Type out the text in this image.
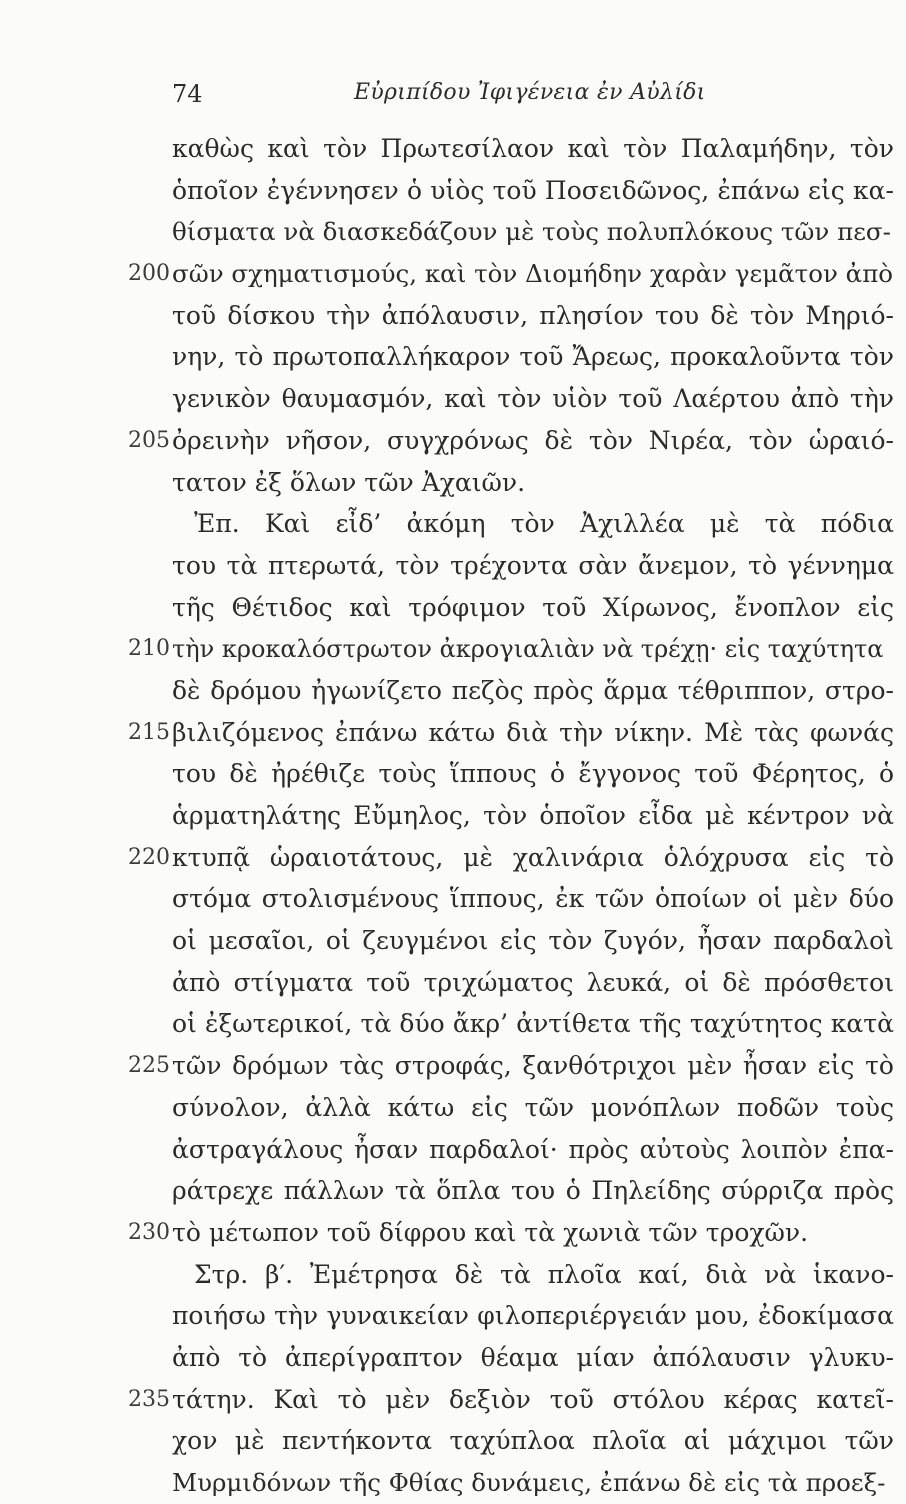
74	Εὐριπίδου Ἰφιγένεια ἐν Αὐλίδι
καθὼς καὶ τὸν Πρωτεσίλαον καὶ τὸν Παλαμήδην, τὸν
ὁποῖον ἐγέννησεν ὁ υἱὸς τοῦ Ποσειδῶνος, ἐπάνω εἰς κα-
θίσματα νὰ διασκεδάζουν μὲ τοὺς πολυπλόκους τῶν πεσ-
200 σῶν σχηματισμούς, καὶ τὸν Διομήδην χαρὰν γεμᾶτον ἀπὸ
τοῦ δίσκου τὴν ἀπόλαυσιν, πλησίον του δὲ τὸν Μηριό-
νην, τὸ πρωτοπαλλήκαρον τοῦ Ἄρεως, προκαλοῦντα τὸν
γενικὸν θαυμασμόν, καὶ τὸν υἱὸν τοῦ Λαέρτου ἀπὸ τὴν
205 ὀρεινὴν νῆσον, συγχρόνως δὲ τὸν Νιρέα, τὸν ὡραιό-
τατον ἐξ ὅλων τῶν Ἀχαιῶν.
Ἐπ. Καὶ εἶδ’ ἀκόμη τὸν Ἀχιλλέα μὲ τὰ πόδια
του τὰ πτερωτά, τὸν τρέχοντα σὰν ἄνεμον, τὸ γέννημα
τῆς Θέτιδος καὶ τρόφιμον τοῦ Χίρωνος, ἔνοπλον εἰς
210 τὴν κροκαλόστρωτον ἀκρογιαλιὰν νὰ τρέχῃ· εἰς ταχύτητα
δὲ δρόμου ἠγωνίζετο πεζὸς πρὸς ἅρμα τέθριππον, στρο-
215 βιλιζόμενος ἐπάνω κάτω διὰ τὴν νίκην. Μὲ τὰς φωνάς
του δὲ ἠρέθιζε τοὺς ἵππους ὁ ἔγγονος τοῦ Φέρητος, ὁ
ἁρματηλάτης Εὔμηλος, τὸν ὁποῖον εἶδα μὲ κέντρον νὰ
220 κτυπᾷ ὡραιοτάτους, μὲ χαλινάρια ὁλόχρυσα εἰς τὸ
στόμα στολισμένους ἵππους, ἐκ τῶν ὁποίων οἱ μὲν δύο
οἱ μεσαῖοι, οἱ ζευγμένοι εἰς τὸν ζυγόν, ἦσαν παρδαλοὶ
ἀπὸ στίγματα τοῦ τριχώματος λευκά, οἱ δὲ πρόσθετοι
οἱ ἐξωτερικοί, τὰ δύο ἄκρ’ ἀντίθετα τῆς ταχύτητος κατὰ
225 τῶν δρόμων τὰς στροφάς, ξανθότριχοι μὲν ἦσαν εἰς τὸ
σύνολον, ἀλλὰ κάτω εἰς τῶν μονόπλων ποδῶν τοὺς
ἀστραγάλους ἦσαν παρδαλοί· πρὸς αὐτοὺς λοιπὸν ἐπα-
ράτρεχε πάλλων τὰ ὅπλα του ὁ Πηλείδης σύρριζα πρὸς
230 τὸ μέτωπον τοῦ δίφρου καὶ τὰ χωνιὰ τῶν τροχῶν.
Στρ. β′. Ἐμέτρησα δὲ τὰ πλοῖα καί, διὰ νὰ ἱκανο-
ποιήσω τὴν γυναικείαν φιλοπεριέργειάν μου, ἐδοκίμασα
ἀπὸ τὸ ἀπερίγραπτον θέαμα μίαν ἀπόλαυσιν γλυκυ-
235 τάτην. Καὶ τὸ μὲν δεξιὸν τοῦ στόλου κέρας κατεῖ-
χον μὲ πεντήκοντα ταχύπλοα πλοῖα αἱ μάχιμοι τῶν
Μυρμιδόνων τῆς Φθίας δυνάμεις, ἐπάνω δὲ εἰς τὰ προεξ-
